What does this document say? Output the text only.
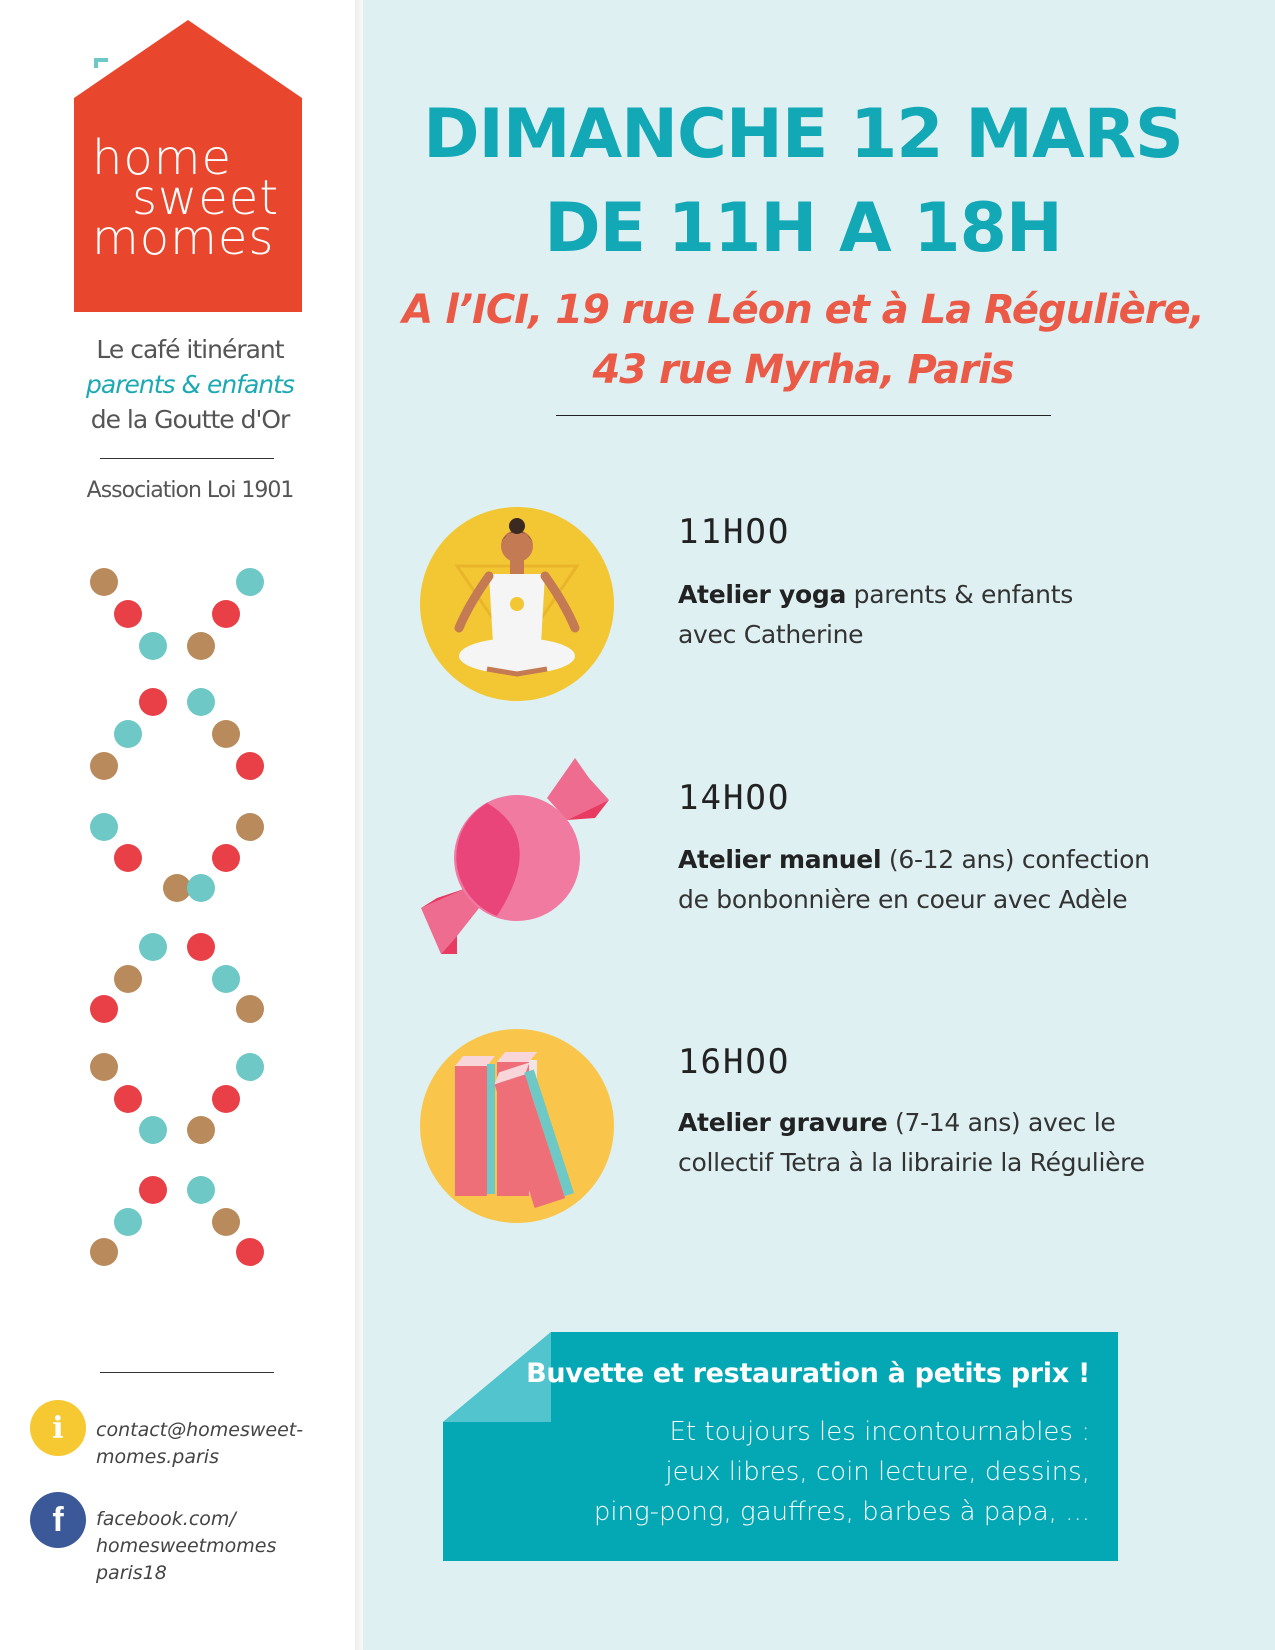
home
sweet
momes
Le café itinérant
parents & enfants
de la Goutte d'Or
Association Loi 1901
i contact@homesweet-
momes.paris
f facebook.com/
homesweetmomes
paris18
DIMANCHE 12 MARS
DE 11H A 18H
A l’ICI, 19 rue Léon et à La Régulière,
43 rue Myrha, Paris
11HOO
Atelier yoga parents & enfants
avec Catherine
14HOO
Atelier manuel (6-12 ans) confection
de bonbonnière en coeur avec Adèle
16HOO
Atelier gravure (7-14 ans) avec le
collectif Tetra à la librairie la Régulière
Buvette et restauration à petits prix !
Et toujours les incontournables :
jeux libres, coin lecture, dessins,
ping-pong, gauffres, barbes à papa, ...
